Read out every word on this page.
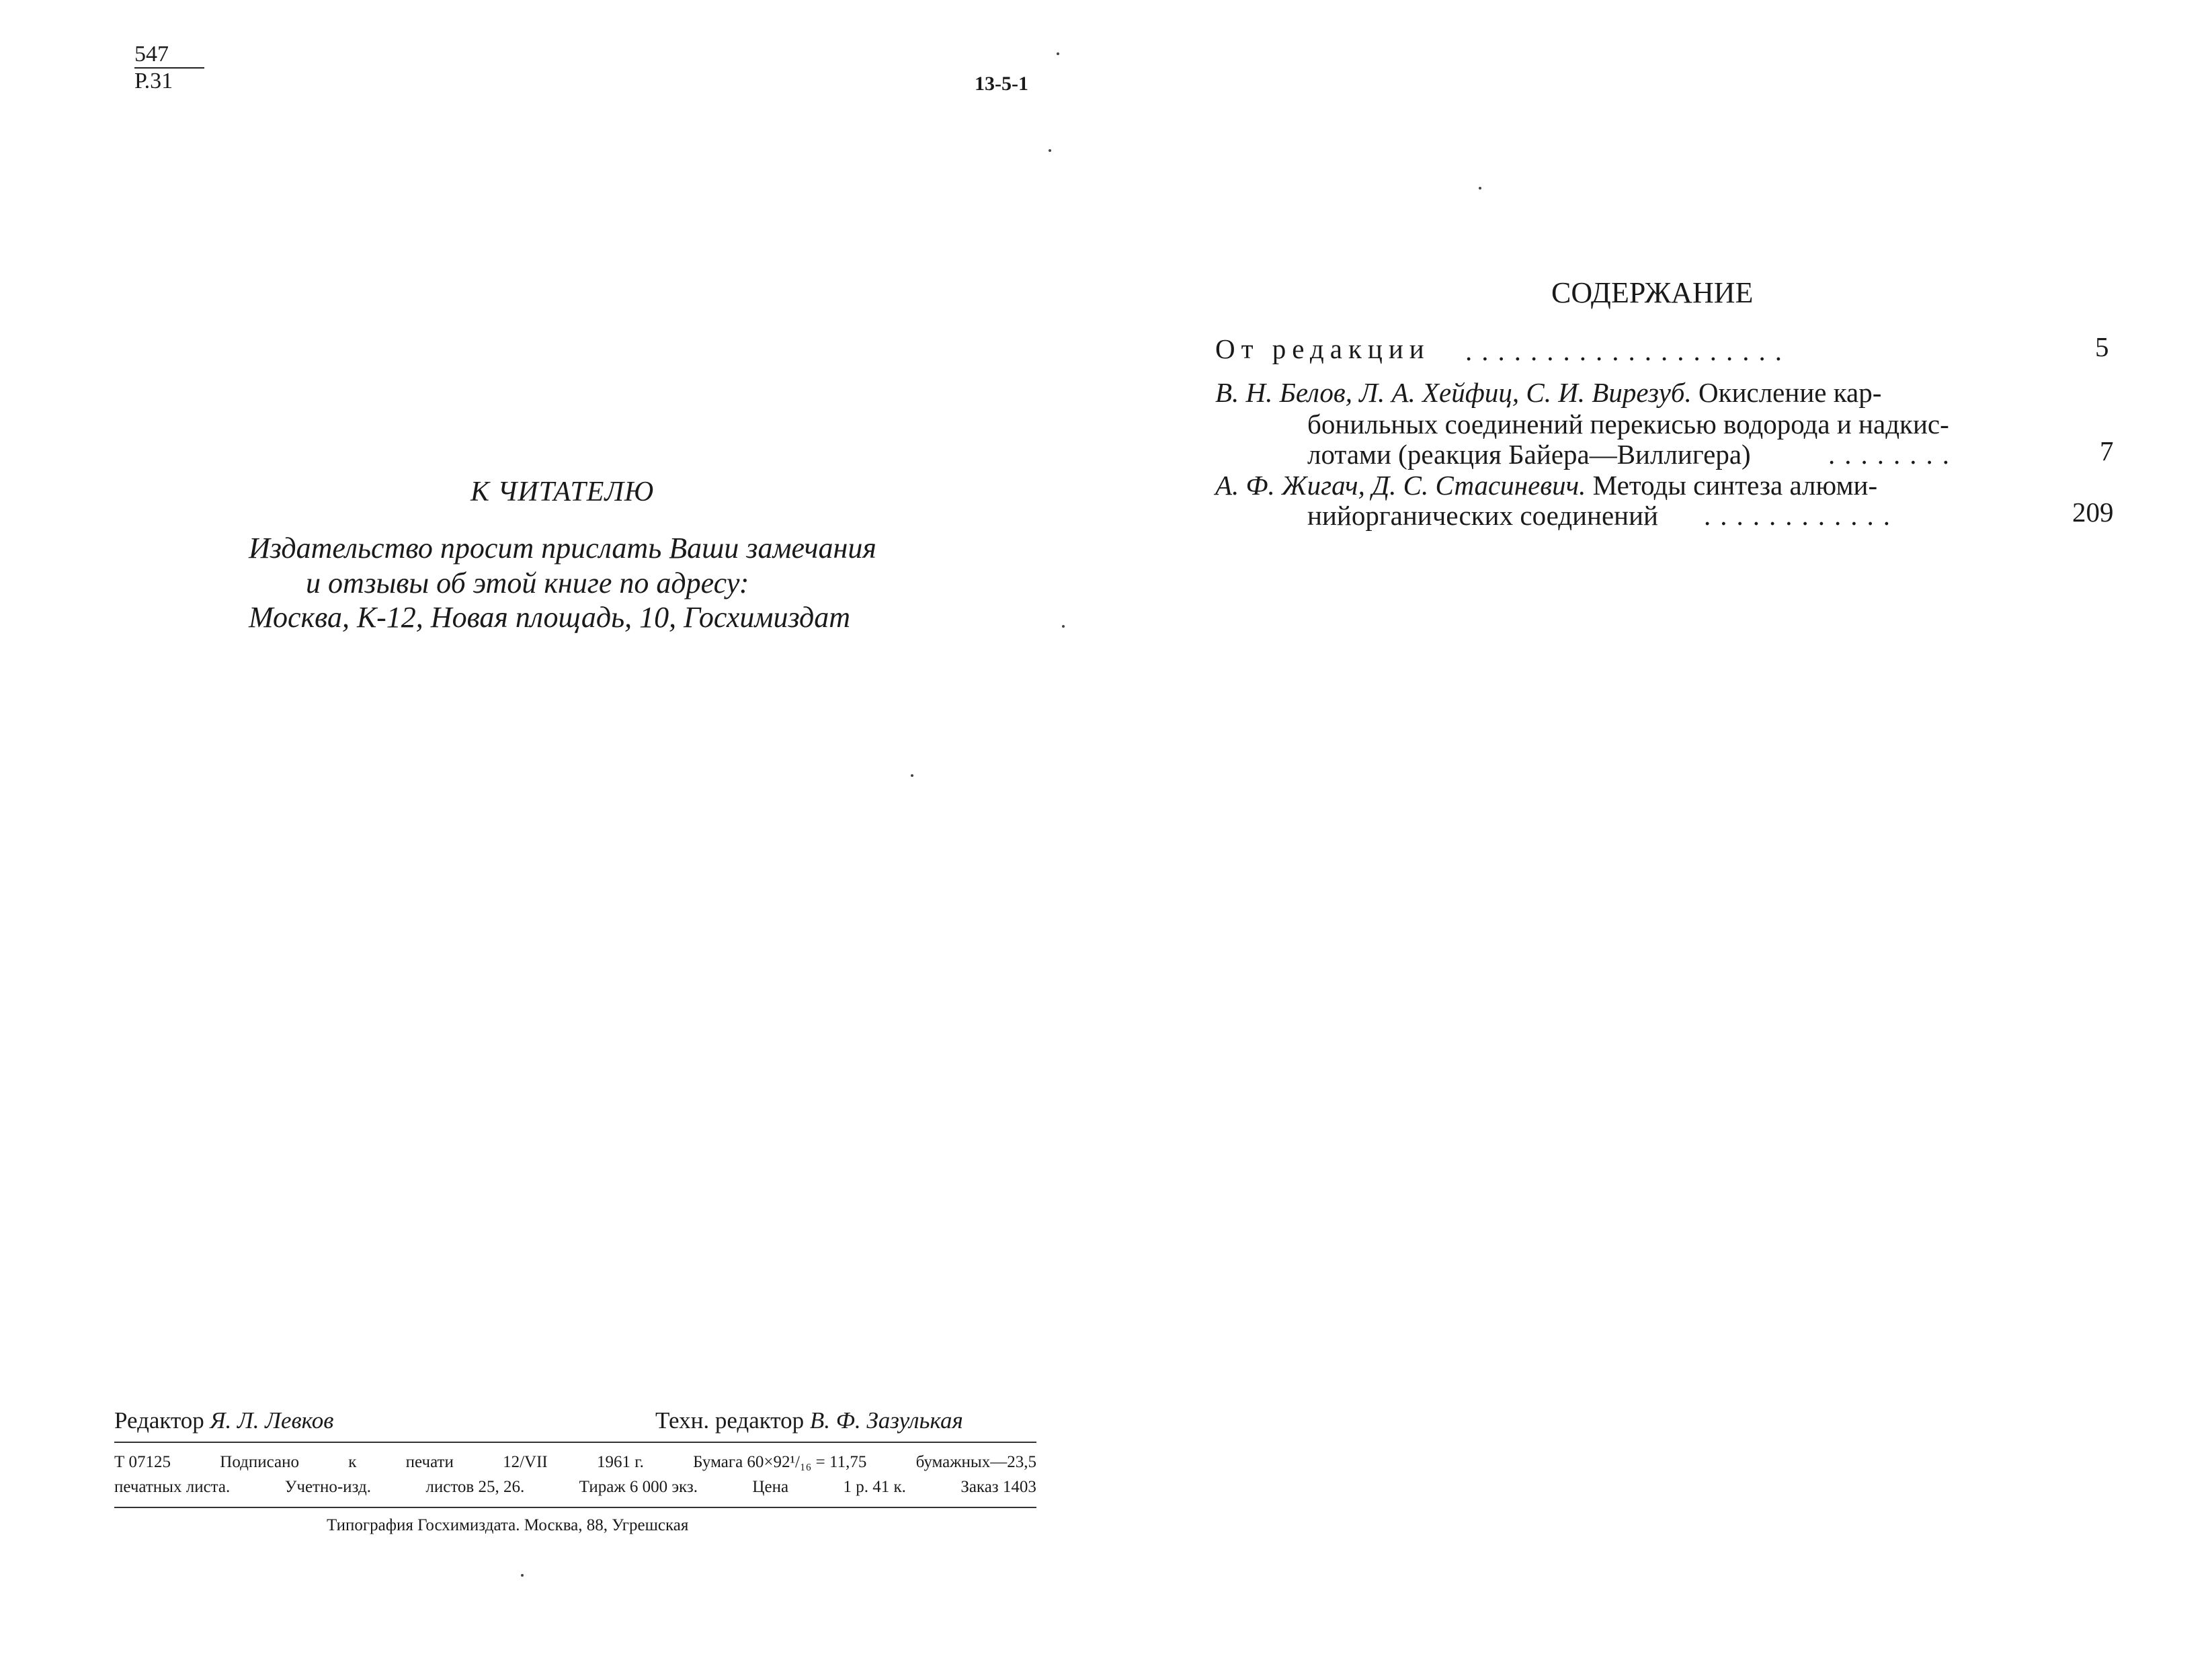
547
Р.31	13-5-1
К ЧИТАТЕЛЮ
Издательство просит прислать Ваши замечания
и отзывы об этой книге по адресу:
Москва, К-12, Новая площадь, 10, Госхимиздат
Редактор Я. Л. Левков	Техн. редактор В. Ф. Зазулькая
Т 07125	Подписано	к	печати	12/VII	1961 г.	Бумага 60×92¹/₁₆ = 11,75	бумажных—23,5
печатных листа.	Учетно-изд.	листов 25, 26.	Тираж 6 000 экз.	Цена	1 р. 41 к.	Заказ 1403
Типография Госхимиздата. Москва, 88, Угрешская
СОДЕРЖАНИЕ
От редакции ....................	5
В. Н. Белов, Л. А. Хейфиц, С. И. Вирезуб. Окисление кар-
бонильных соединений перекисью водорода и надкис-
лотами (реакция Байера—Виллигера)	........	7
А. Ф. Жигач, Д. С. Стасиневич. Методы синтеза алюми-
нийорганических соединений ............	209
